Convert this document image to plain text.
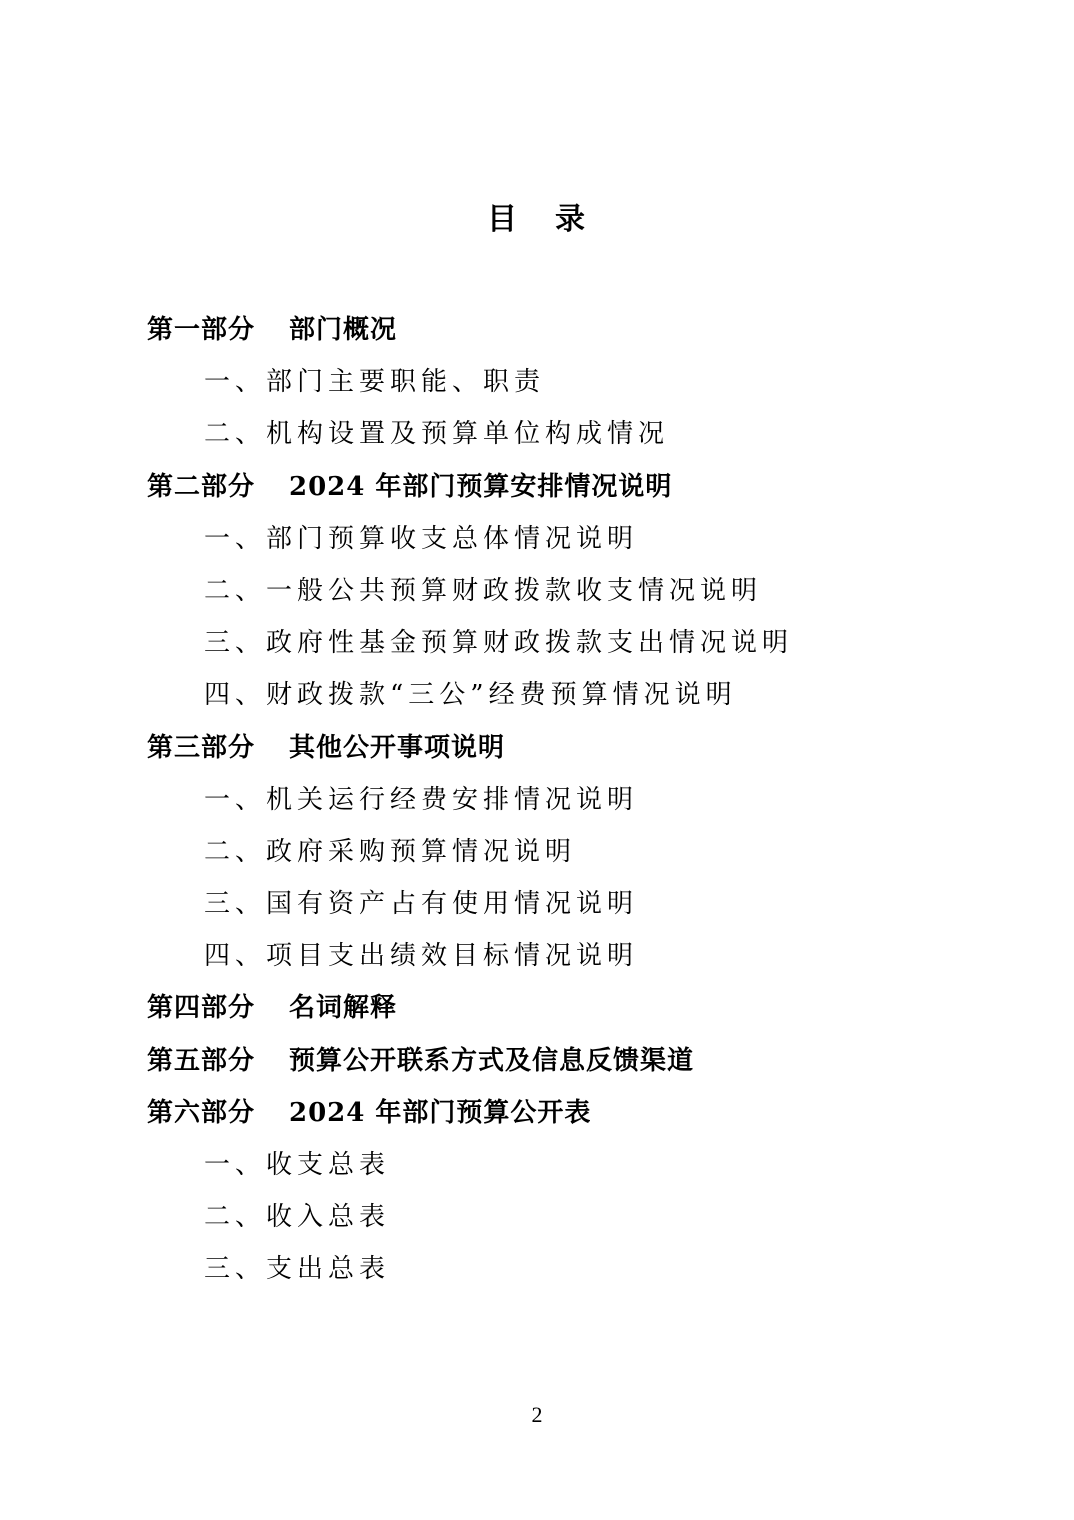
目 录
第一部分 部门概况
一、部门主要职能、职责
二、机构设置及预算单位构成情况
第二部分 2024 年部门预算安排情况说明
一、部门预算收支总体情况说明
二、一般公共预算财政拨款收支情况说明
三、政府性基金预算财政拨款支出情况说明
四、财政拨款“三公”经费预算情况说明
第三部分 其他公开事项说明
一、机关运行经费安排情况说明
二、政府采购预算情况说明
三、国有资产占有使用情况说明
四、项目支出绩效目标情况说明
第四部分 名词解释
第五部分 预算公开联系方式及信息反馈渠道
第六部分 2024 年部门预算公开表
一、收支总表
二、收入总表
三、支出总表
2
